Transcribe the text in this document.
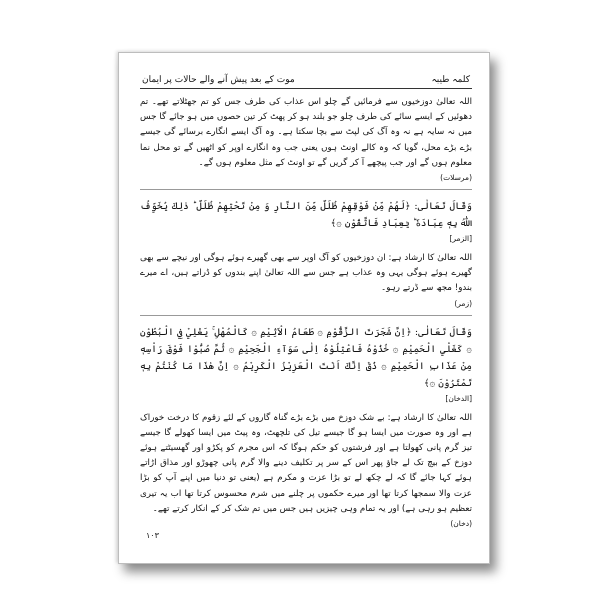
کلمہ طیبہ
موت کے بعد پیش آنے والے حالات پر ایمان
اللہ تعالیٰ دوزخیوں سے فرمائیں گے چلو اس عذاب کی طرف جس کو تم جھٹلاتے تھے۔ تم دھوئیں کے ایسے سائے کی طرف چلو جو بلند ہو کر پھٹ کر تین حصوں میں ہو جائے گا جس میں نہ سایہ ہے نہ وہ آگ کی لپٹ سے بچا سکتا ہے۔ وہ آگ ایسے انگارے برسائے گی جیسے بڑے بڑے محل، گویا کہ وہ کالے اونٹ ہوں یعنی جب وہ انگارے اوپر کو اٹھیں گے تو محل نما معلوم ہوں گے اور جب پیچھے آ کر گریں گے تو اونٹ کے مثل معلوم ہوں گے۔
(مرسلات)
وَقَالَ تَعَالٰی: ﴿لَهُمْ مِّنْ فَوْقِهِمْ ظُلَلٌ مِّنَ النَّارِ وَ مِنْ تَحْتِهِمْ ظُلَلٌ ؕ ذٰلِكَ يُخَوِّفُ اللّٰهُ بِهٖ عِبَادَهٗ ؕ يٰعِبَادِ فَاتَّقُوْنِ ۞﴾
[الزمر]
اللہ تعالیٰ کا ارشاد ہے: ان دوزخیوں کو آگ اوپر سے بھی گھیرے ہوئے ہوگی اور نیچے سے بھی گھیرے ہوئے ہوگی یہی وہ عذاب ہے جس سے اللہ تعالیٰ اپنے بندوں کو ڈراتے ہیں، اے میرے بندو! مجھ سے ڈرتے رہو۔
(زمر)
وَقَالَ تَعَالٰی: ﴿اِنَّ شَجَرَتَ الزَّقُّوْمِ ۞ طَعَامُ الْاَثِيْمِ ۞ كَالْمُهْلِ ۚ يَغْلِيْ فِي الْبُطُوْنِ ۞ كَغَلْيِ الْحَمِيْمِ ۞ خُذُوْهُ فَاعْتِلُوْهُ اِلٰى سَوَآءِ الْجَحِيْمِ ۞ ثُمَّ صُبُّوْا فَوْقَ رَاْسِهٖ مِنْ عَذَابِ الْحَمِيْمِ ۞ ذُقْ اِنَّكَ اَنْتَ الْعَزِيْزُ الْكَرِيْمُ ۞ اِنَّ هٰذَا مَا كُنْتُمْ بِهٖ تَمْتَرُوْنَ ۞﴾
[الدخان]
اللہ تعالیٰ کا ارشاد ہے: بے شک دوزخ میں بڑے بڑے گناہ گاروں کے لئے زقوم کا درخت خوراک ہے اور وہ صورت میں ایسا ہو گا جیسے تیل کی تلچھٹ، وہ پیٹ میں ایسا کھولے گا جیسے تیز گرم پانی کھولتا ہے اور فرشتوں کو حکم ہوگا کہ اس مجرم کو پکڑو اور گھسیٹتے ہوئے دوزخ کے بیچ تک لے جاؤ پھر اس کے سر پر تکلیف دینے والا گرم پانی چھوڑو اور مذاق اڑاتے ہوئے کہا جائے گا کہ لے چکھ لے تو بڑا عزت و مکرم ہے (یعنی تو دنیا میں اپنے آپ کو بڑا عزت والا سمجھا کرتا تھا اور میرے حکموں پر چلنے میں شرم محسوس کرتا تھا اب یہ تیری تعظیم ہو رہی ہے) اور یہ تمام وہی چیزیں ہیں جس میں تم شک کر کے انکار کرتے تھے۔
(دخان)
۱۰۳
